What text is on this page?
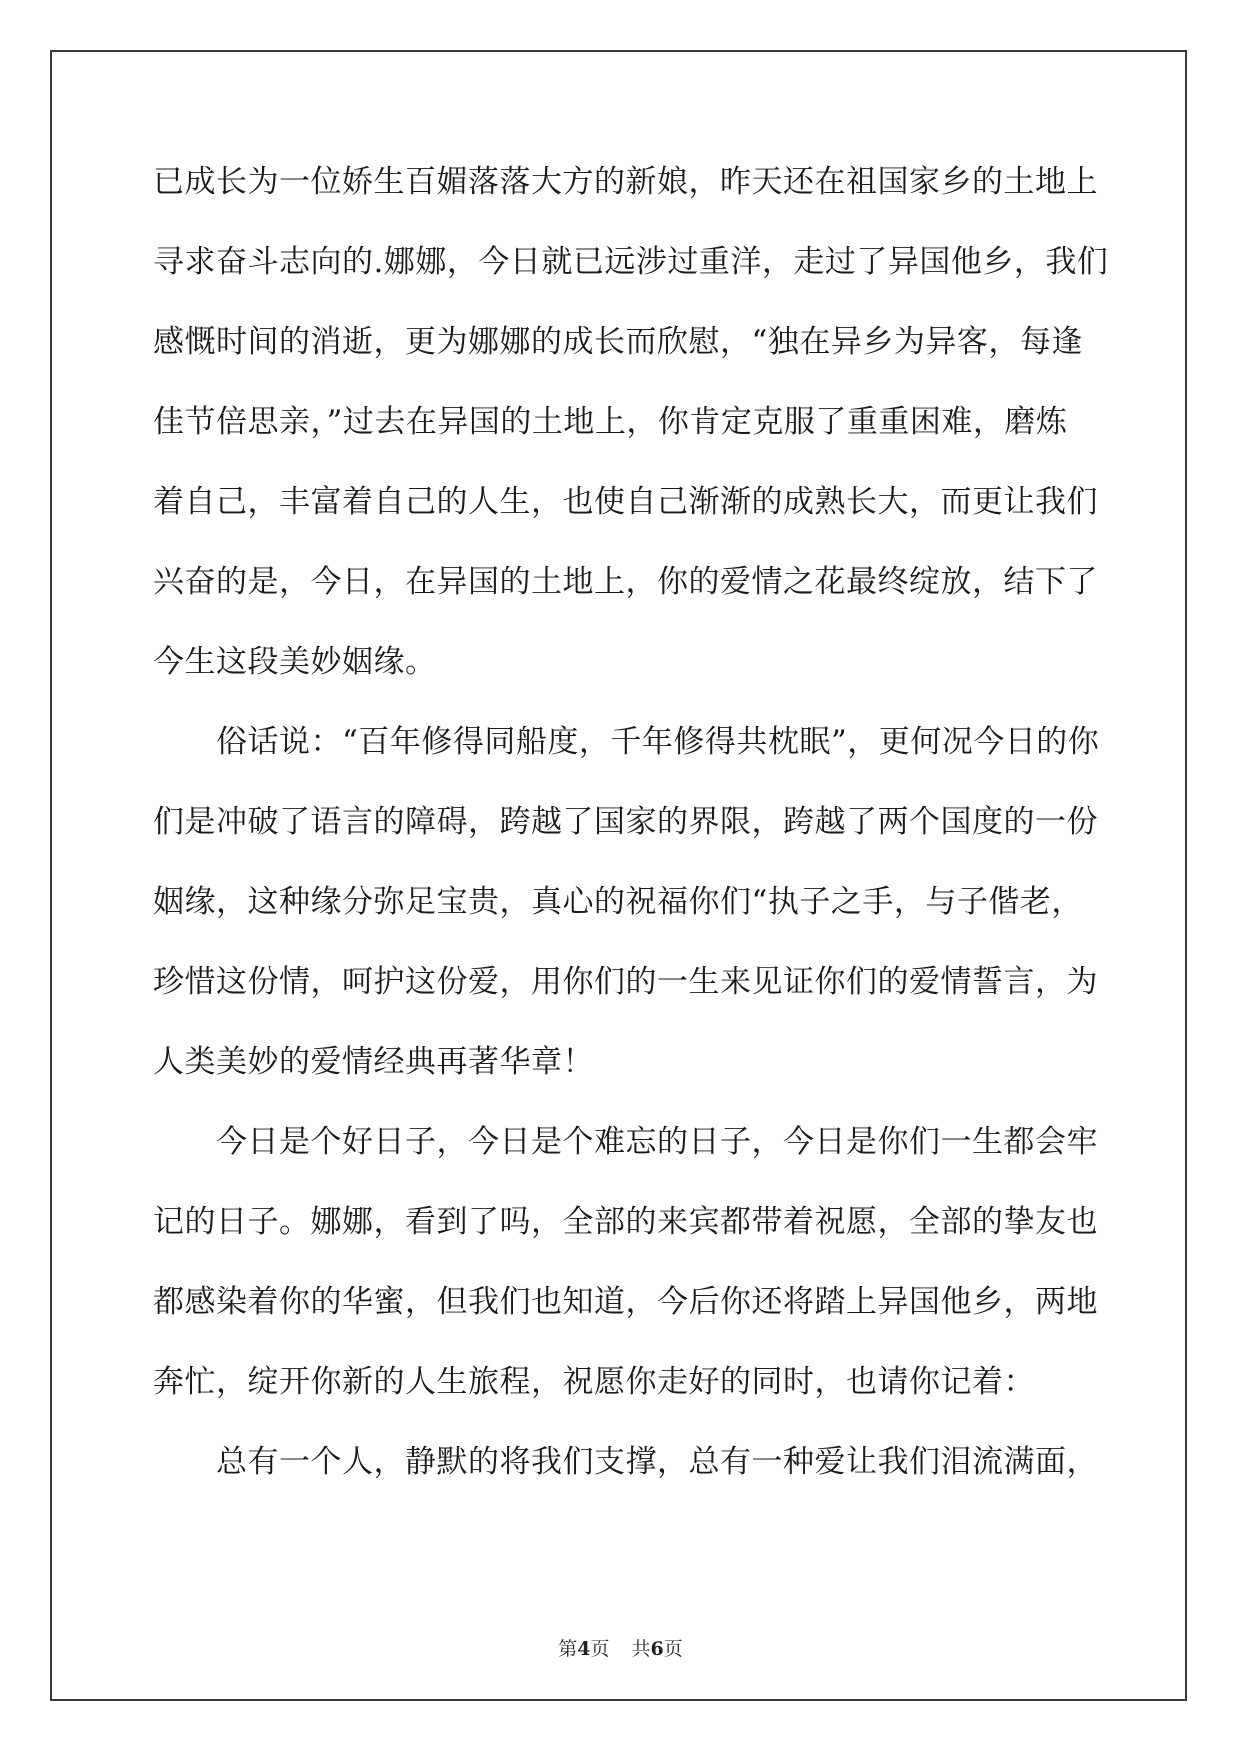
已成长为一位娇生百媚落落大方的新娘，昨天还在祖国家乡的土地上
寻求奋斗志向的.娜娜，今日就已远涉过重洋，走过了异国他乡，我们
感慨时间的消逝，更为娜娜的成长而欣慰，“独在异乡为异客，每逢
佳节倍思亲，”过去在异国的土地上，你肯定克服了重重困难，磨炼
着自己，丰富着自己的人生，也使自己渐渐的成熟长大，而更让我们
兴奋的是，今日，在异国的土地上，你的爱情之花最终绽放，结下了
今生这段美妙姻缘。
俗话说：“百年修得同船度，千年修得共枕眠”，更何况今日的你
们是冲破了语言的障碍，跨越了国家的界限，跨越了两个国度的一份
姻缘，这种缘分弥足宝贵，真心的祝福你们“执子之手，与子偕老，
珍惜这份情，呵护这份爱，用你们的一生来见证你们的爱情誓言，为
人类美妙的爱情经典再著华章！
今日是个好日子，今日是个难忘的日子，今日是你们一生都会牢
记的日子。娜娜，看到了吗，全部的来宾都带着祝愿，全部的挚友也
都感染着你的华蜜，但我们也知道，今后你还将踏上异国他乡，两地
奔忙，绽开你新的人生旅程，祝愿你走好的同时，也请你记着：
总有一个人，静默的将我们支撑，总有一种爱让我们泪流满面，
第4页 共6页
